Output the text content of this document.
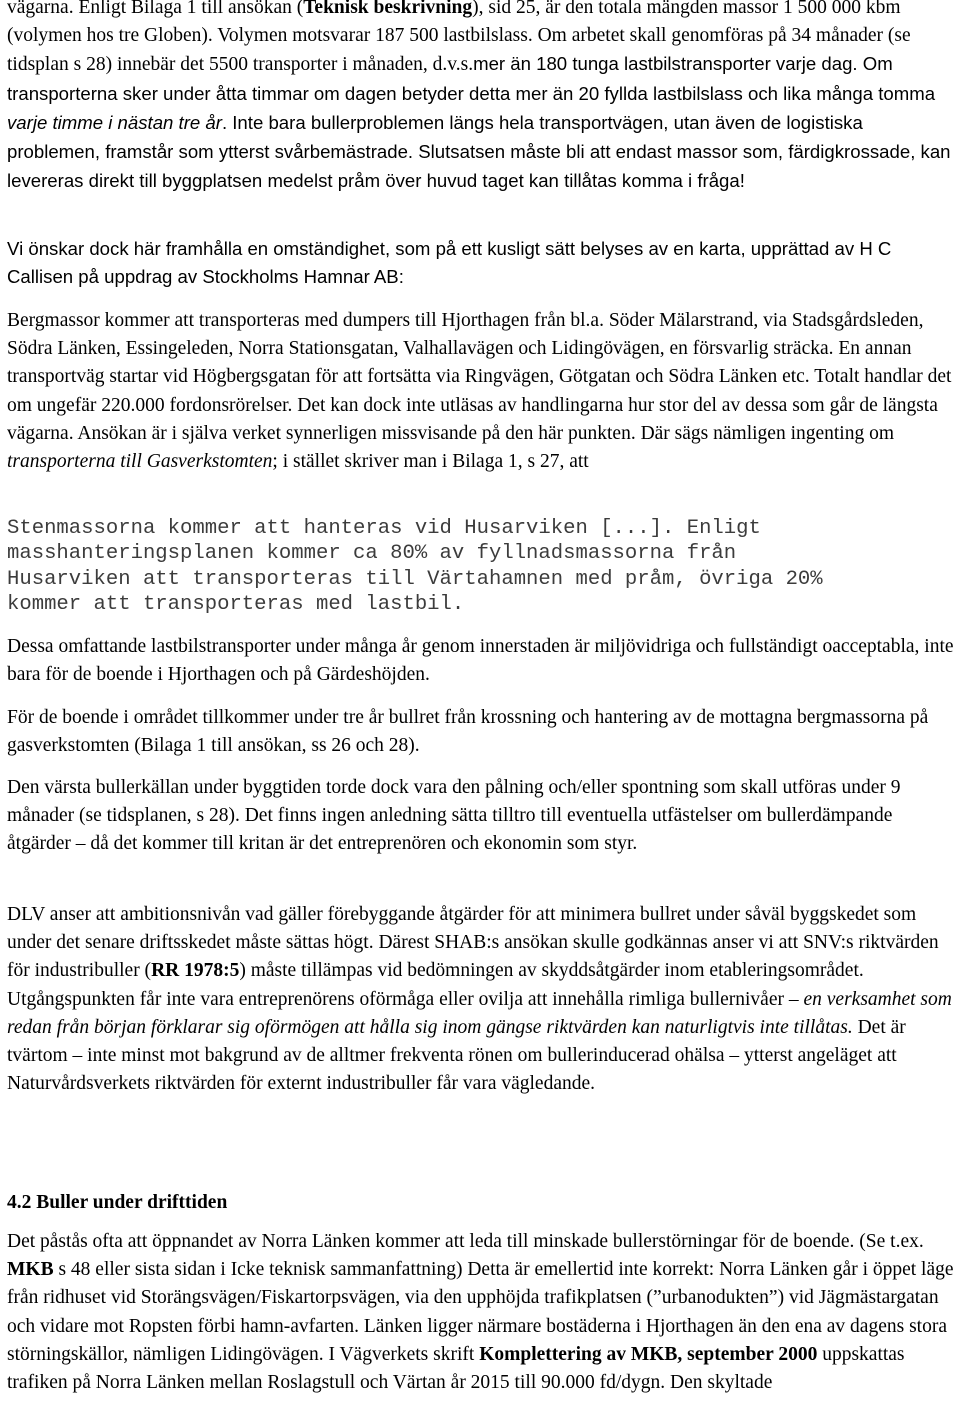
vägarna. Enligt Bilaga 1 till ansökan (Teknisk beskrivning), sid 25, är den totala mängden massor 1 500 000 kbm (volymen hos tre Globen). Volymen motsvarar 187 500 lastbilslass. Om arbetet skall genomföras på 34 månader (se tidsplan s 28) innebär det 5500 transporter i månaden, d.v.s.mer än 180 tunga lastbilstransporter varje dag. Om transporterna sker under åtta timmar om dagen betyder detta mer än 20 fyllda lastbilslass och lika många tomma varje timme i nästan tre år. Inte bara bullerproblemen längs hela transportvägen, utan även de logistiska problemen, framstår som ytterst svårbemästrade. Slutsatsen måste bli att endast massor som, färdigkrossade, kan levereras direkt till byggplatsen medelst pråm över huvud taget kan tillåtas komma i fråga!

Vi önskar dock här framhålla en omständighet, som på ett kusligt sätt belyses av en karta, upprättad av H C Callisen på uppdrag av Stockholms Hamnar AB:

Bergmassor kommer att transporteras med dumpers till Hjorthagen från bl.a. Söder Mälarstrand, via Stadsgårdsleden, Södra Länken, Essingeleden, Norra Stationsgatan, Valhallavägen och Lidingövägen, en försvarlig sträcka. En annan transportväg startar vid Högbergsgatan för att fortsätta via Ringvägen, Götgatan och Södra Länken etc. Totalt handlar det om ungefär 220.000 fordonsrörelser. Det kan dock inte utläsas av handlingarna hur stor del av dessa som går de längsta vägarna. Ansökan är i själva verket synnerligen missvisande på den här punkten. Där sägs nämligen ingenting om transporterna till Gasverkstomten; i stället skriver man i Bilaga 1, s 27, att

Stenmassorna kommer att hanteras vid Husarviken [...]. Enligt
masshanteringsplanen kommer ca 80% av fyllnadsmassorna från
Husarviken att transporteras till Värtahamnen med pråm, övriga 20%
kommer att transporteras med lastbil.

Dessa omfattande lastbilstransporter under många år genom innerstaden är miljövidriga och fullständigt oacceptabla, inte bara för de boende i Hjorthagen och på Gärdeshöjden.

För de boende i området tillkommer under tre år bullret från krossning och hantering av de mottagna bergmassorna på gasverkstomten (Bilaga 1 till ansökan, ss 26 och 28).

Den värsta bullerkällan under byggtiden torde dock vara den pålning och/eller spontning som skall utföras under 9 månader (se tidsplanen, s 28). Det finns ingen anledning sätta tilltro till eventuella utfästelser om bullerdämpande åtgärder – då det kommer till kritan är det entreprenören och ekonomin som styr.

DLV anser att ambitionsnivån vad gäller förebyggande åtgärder för att minimera bullret under såväl byggskedet som under det senare driftsskedet måste sättas högt. Därest SHAB:s ansökan skulle godkännas anser vi att SNV:s riktvärden för industribuller (RR 1978:5) måste tillämpas vid bedömningen av skyddsåtgärder inom etableringsområdet. Utgångspunkten får inte vara entreprenörens oförmåga eller ovilja att innehålla rimliga bullernivåer – en verksamhet som redan från början förklarar sig oförmögen att hålla sig inom gängse riktvärden kan naturligtvis inte tillåtas. Det är tvärtom – inte minst mot bakgrund av de alltmer frekventa rönen om bullerinducerad ohälsa – ytterst angeläget att Naturvårdsverkets riktvärden för externt industribuller får vara vägledande.

4.2 Buller under drifttiden

Det påstås ofta att öppnandet av Norra Länken kommer att leda till minskade bullerstörningar för de boende. (Se t.ex. MKB s 48 eller sista sidan i Icke teknisk sammanfattning) Detta är emellertid inte korrekt: Norra Länken går i öppet läge från ridhuset vid Storängsvägen/Fiskartorpsvägen, via den upphöjda trafikplatsen (”urbanodukten”) vid Jägmästargatan och vidare mot Ropsten förbi hamn-avfarten. Länken ligger närmare bostäderna i Hjorthagen än den ena av dagens stora störningskällor, nämligen Lidingövägen. I Vägverkets skrift Komplettering av MKB, september 2000 uppskattas trafiken på Norra Länken mellan Roslagstull och Värtan år 2015 till 90.000 fd/dygn. Den skyltade
